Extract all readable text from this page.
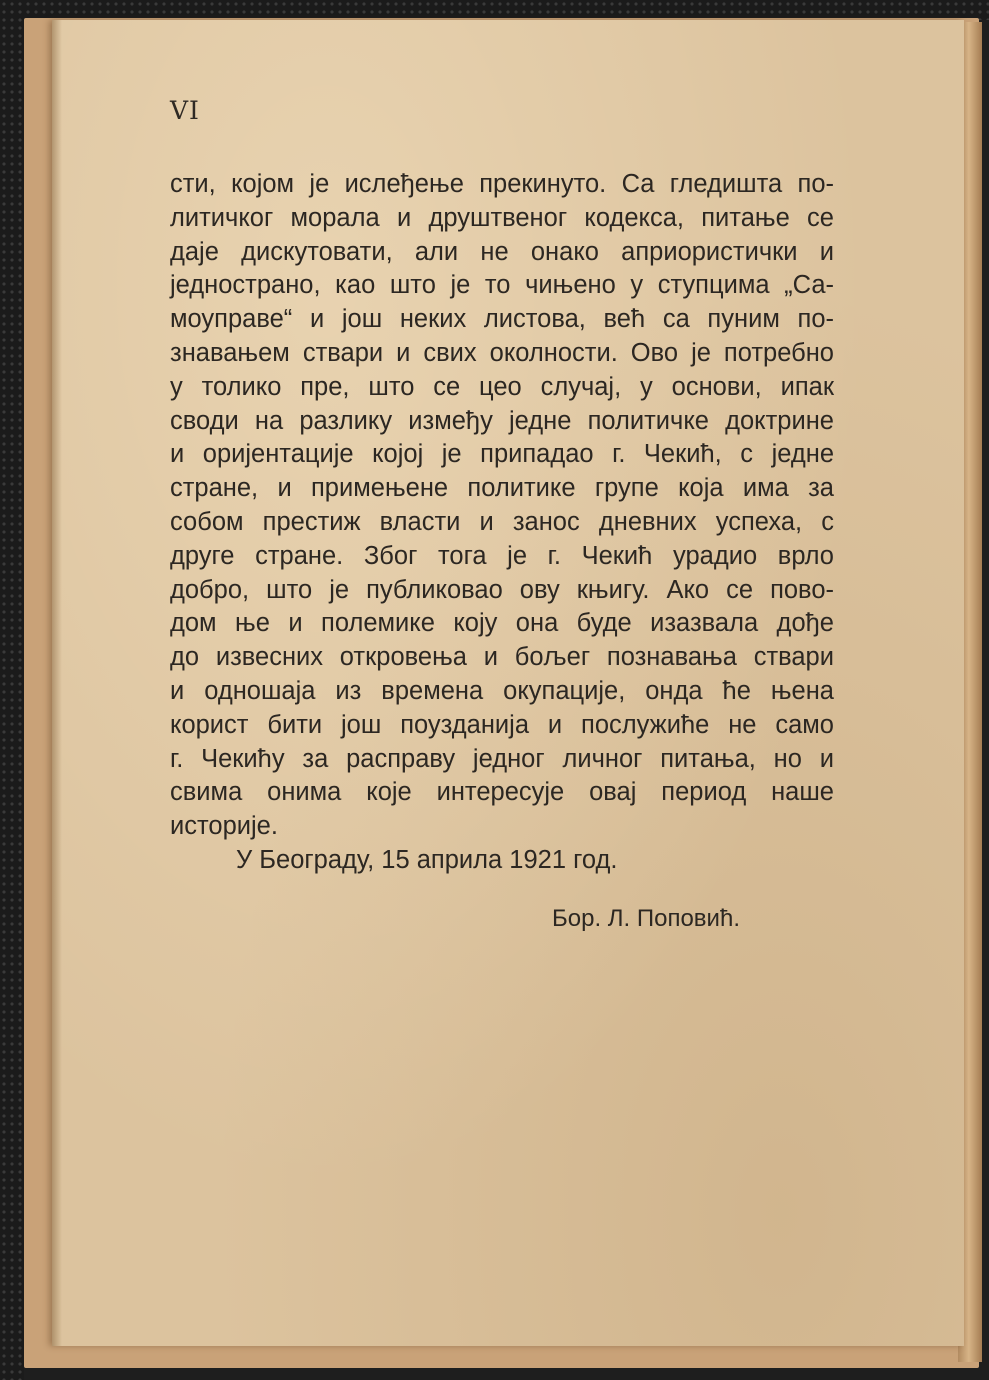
VI
сти, којом је ислеђење прекинуто. Са гледишта по-
литичког морала и друштвеног кодекса, питање се
даје дискутовати, али не онако априористички и
једнострано, као што је то чињено у ступцима „Са-
моуправе“ и још неких листова, већ са пуним по-
знавањем ствари и свих околности. Ово је потребно
у толико пре, што се цео случај, у основи, ипак
своди на разлику између једне политичке доктрине
и оријентације којој је припадао г. Чекић, с једне
стране, и примењене политике групе која има за
собом престиж власти и занос дневних успеха, с
друге стране. Због тога је г. Чекић урадио врло
добро, што је публиковао ову књигу. Ако се пово-
дом ње и полемике коју она буде изазвала дође
до извесних открoвења и бољег познавања ствари
и одношаја из времена окупације, онда ће њена
корист бити још поузданија и послужиће не само
г. Чекићу за расправу једног личног питања, но и
свима онима које интересује овај период наше
историје.
У Београду, 15 априла 1921 год.
Бор. Л. Поповић.
